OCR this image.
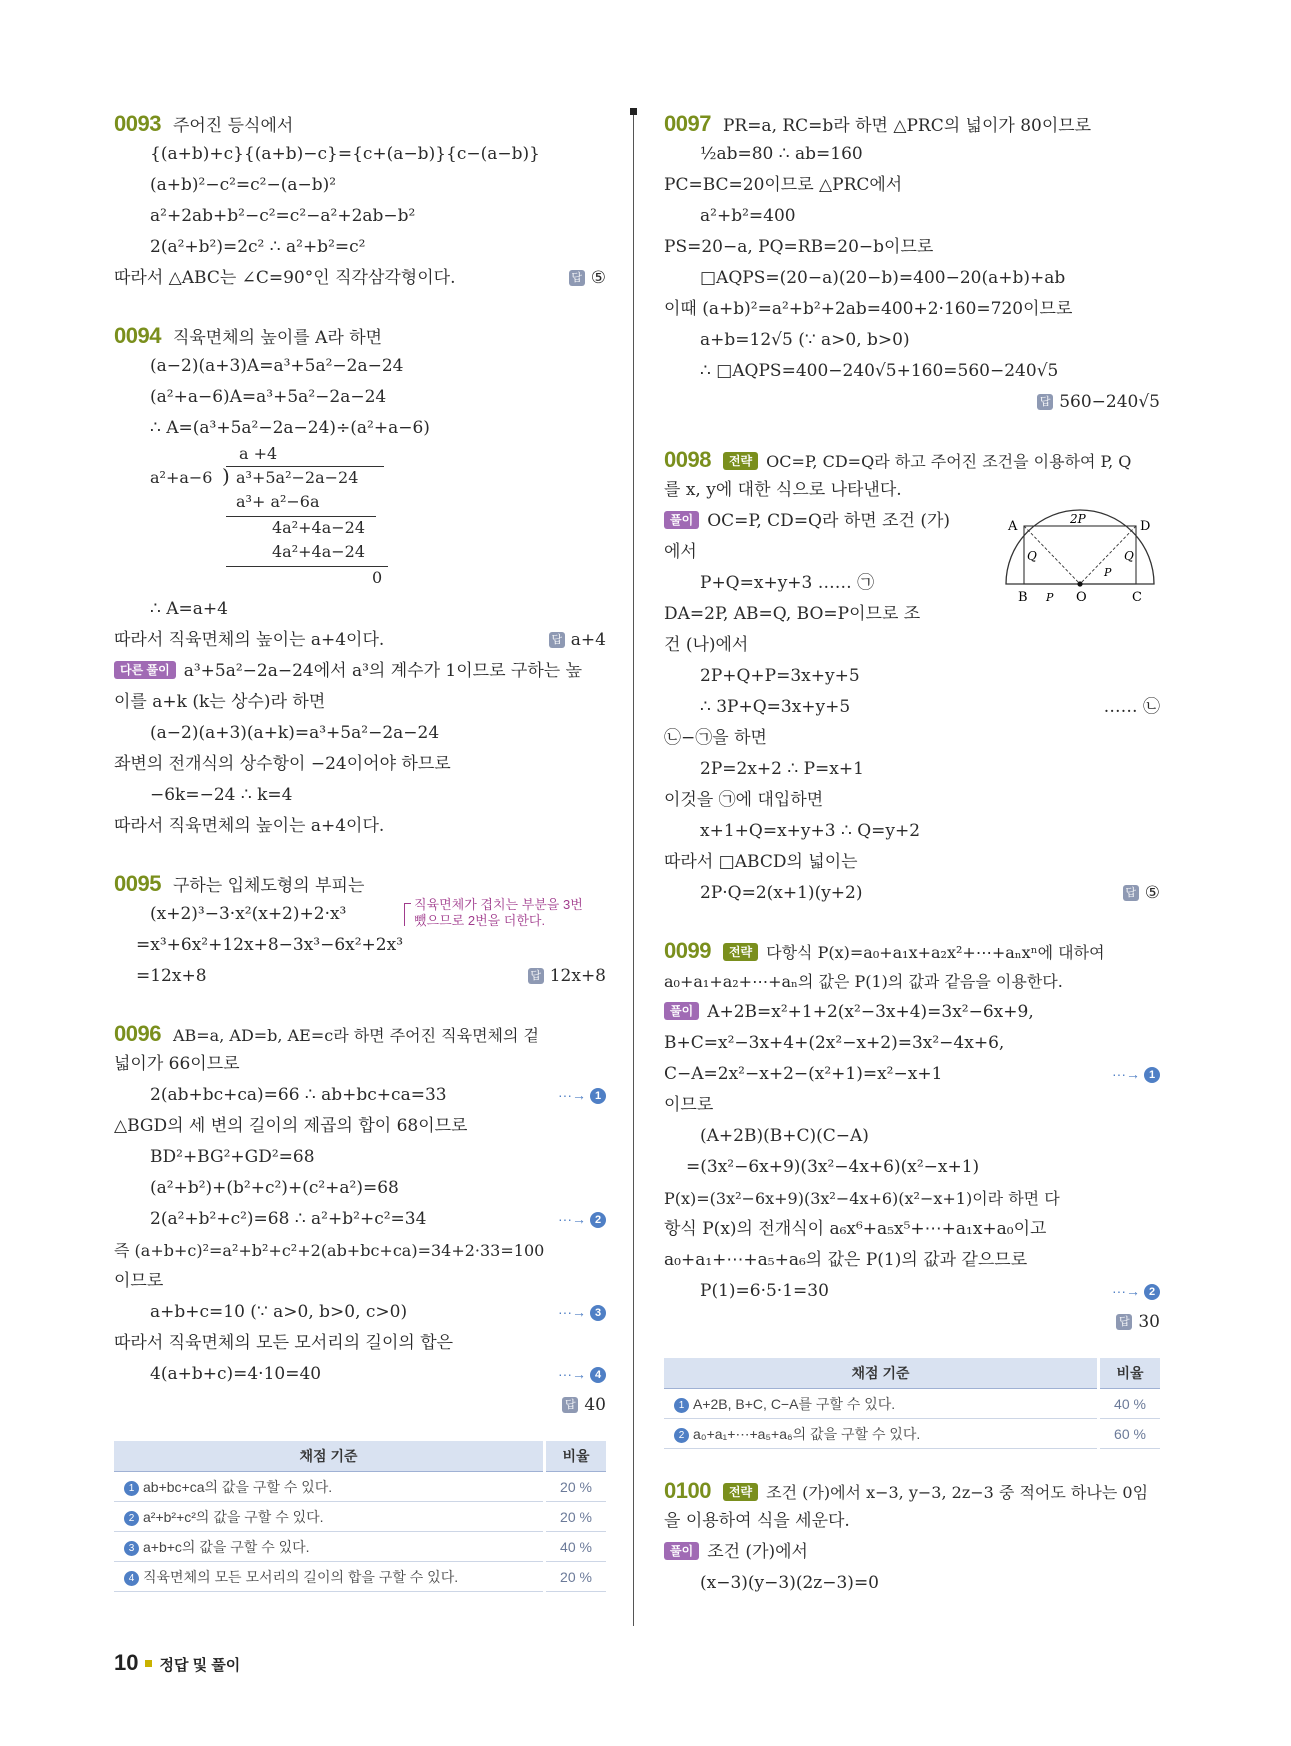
0093 주어진 등식에서
{(a+b)+c}{(a+b)−c}={c+(a−b)}{c−(a−b)}
(a+b)²−c²=c²−(a−b)²
a²+2ab+b²−c²=c²−a²+2ab−b²
2(a²+b²)=2c² ∴ a²+b²=c²
따라서 △ABC는 ∠C=90°인 직각삼각형이다.	답 ⑤
0094 직육면체의 높이를 A라 하면
(a−2)(a+3)A=a³+5a²−2a−24
(a²+a−6)A=a³+5a²−2a−24
∴ A=(a³+5a²−2a−24)÷(a²+a−6)
a +4
a²+a−6 ) a³+5a²−2a−24
a³+ a²−6a
4a²+4a−24
4a²+4a−24
0
∴ A=a+4
따라서 직육면체의 높이는 a+4이다.	답 a+4
다른 풀이 a³+5a²−2a−24에서 a³의 계수가 1이므로 구하는 높
이를 a+k (k는 상수)라 하면
(a−2)(a+3)(a+k)=a³+5a²−2a−24
좌변의 전개식의 상수항이 −24이어야 하므로
−6k=−24 ∴ k=4
따라서 직육면체의 높이는 a+4이다.
0095 구하는 입체도형의 부피는
(x+2)³−3·x²(x+2)+2·x³	직육면체가 겹치는 부분을 3번 뺐으므로 2번을 더한다.
=x³+6x²+12x+8−3x³−6x²+2x³
=12x+8	답 12x+8
0096 AB=a, AD=b, AE=c라 하면 주어진 직육면체의 겉
넓이가 66이므로
2(ab+bc+ca)=66 ∴ ab+bc+ca=33	···→ 1
△BGD의 세 변의 길이의 제곱의 합이 68이므로
BD²+BG²+GD²=68
(a²+b²)+(b²+c²)+(c²+a²)=68
2(a²+b²+c²)=68 ∴ a²+b²+c²=34	···→ 2
즉 (a+b+c)²=a²+b²+c²+2(ab+bc+ca)=34+2·33=100
이므로
a+b+c=10 (∵ a>0, b>0, c>0)	···→ 3
따라서 직육면체의 모든 모서리의 길이의 합은
4(a+b+c)=4·10=40	···→ 4
답 40
채점 기준	비율
1 ab+bc+ca의 값을 구할 수 있다.	20 %
2 a²+b²+c²의 값을 구할 수 있다.	20 %
3 a+b+c의 값을 구할 수 있다.	40 %
4 직육면체의 모든 모서리의 길이의 합을 구할 수 있다.	20 %
0097 PR=a, RC=b라 하면 △PRC의 넓이가 80이므로
½ab=80 ∴ ab=160
PC=BC=20이므로 △PRC에서
a²+b²=400
PS=20−a, PQ=RB=20−b이므로
□AQPS=(20−a)(20−b)=400−20(a+b)+ab
이때 (a+b)²=a²+b²+2ab=400+2·160=720이므로
a+b=12√5 (∵ a>0, b>0)
∴ □AQPS=400−240√5+160=560−240√5
답 560−240√5
0098 전략 OC=P, CD=Q라 하고 주어진 조건을 이용하여 P, Q
를 x, y에 대한 식으로 나타낸다.
A	D
B	O	C
2P
Q	Q
P
P
풀이 OC=P, CD=Q라 하면 조건 (가)
에서
P+Q=x+y+3 …… ㉠
DA=2P, AB=Q, BO=P이므로 조
건 (나)에서
2P+Q+P=3x+y+5
∴ 3P+Q=3x+y+5	…… ㉡
㉡−㉠을 하면
2P=2x+2 ∴ P=x+1
이것을 ㉠에 대입하면
x+1+Q=x+y+3 ∴ Q=y+2
따라서 □ABCD의 넓이는
2P·Q=2(x+1)(y+2)	답 ⑤
0099 전략 다항식 P(x)=a₀+a₁x+a₂x²+⋯+aₙxⁿ에 대하여
a₀+a₁+a₂+⋯+aₙ의 값은 P(1)의 값과 같음을 이용한다.
풀이 A+2B=x²+1+2(x²−3x+4)=3x²−6x+9,
B+C=x²−3x+4+(2x²−x+2)=3x²−4x+6,
C−A=2x²−x+2−(x²+1)=x²−x+1	···→ 1
이므로
(A+2B)(B+C)(C−A)
=(3x²−6x+9)(3x²−4x+6)(x²−x+1)
P(x)=(3x²−6x+9)(3x²−4x+6)(x²−x+1)이라 하면 다
항식 P(x)의 전개식이 a₆x⁶+a₅x⁵+⋯+a₁x+a₀이고
a₀+a₁+⋯+a₅+a₆의 값은 P(1)의 값과 같으므로
P(1)=6·5·1=30	···→ 2
답 30
채점 기준	비율
1 A+2B, B+C, C−A를 구할 수 있다.	40 %
2 a₀+a₁+⋯+a₅+a₆의 값을 구할 수 있다.	60 %
0100 전략 조건 (가)에서 x−3, y−3, 2z−3 중 적어도 하나는 0임
을 이용하여 식을 세운다.
풀이 조건 (가)에서
(x−3)(y−3)(2z−3)=0
10 정답 및 풀이
